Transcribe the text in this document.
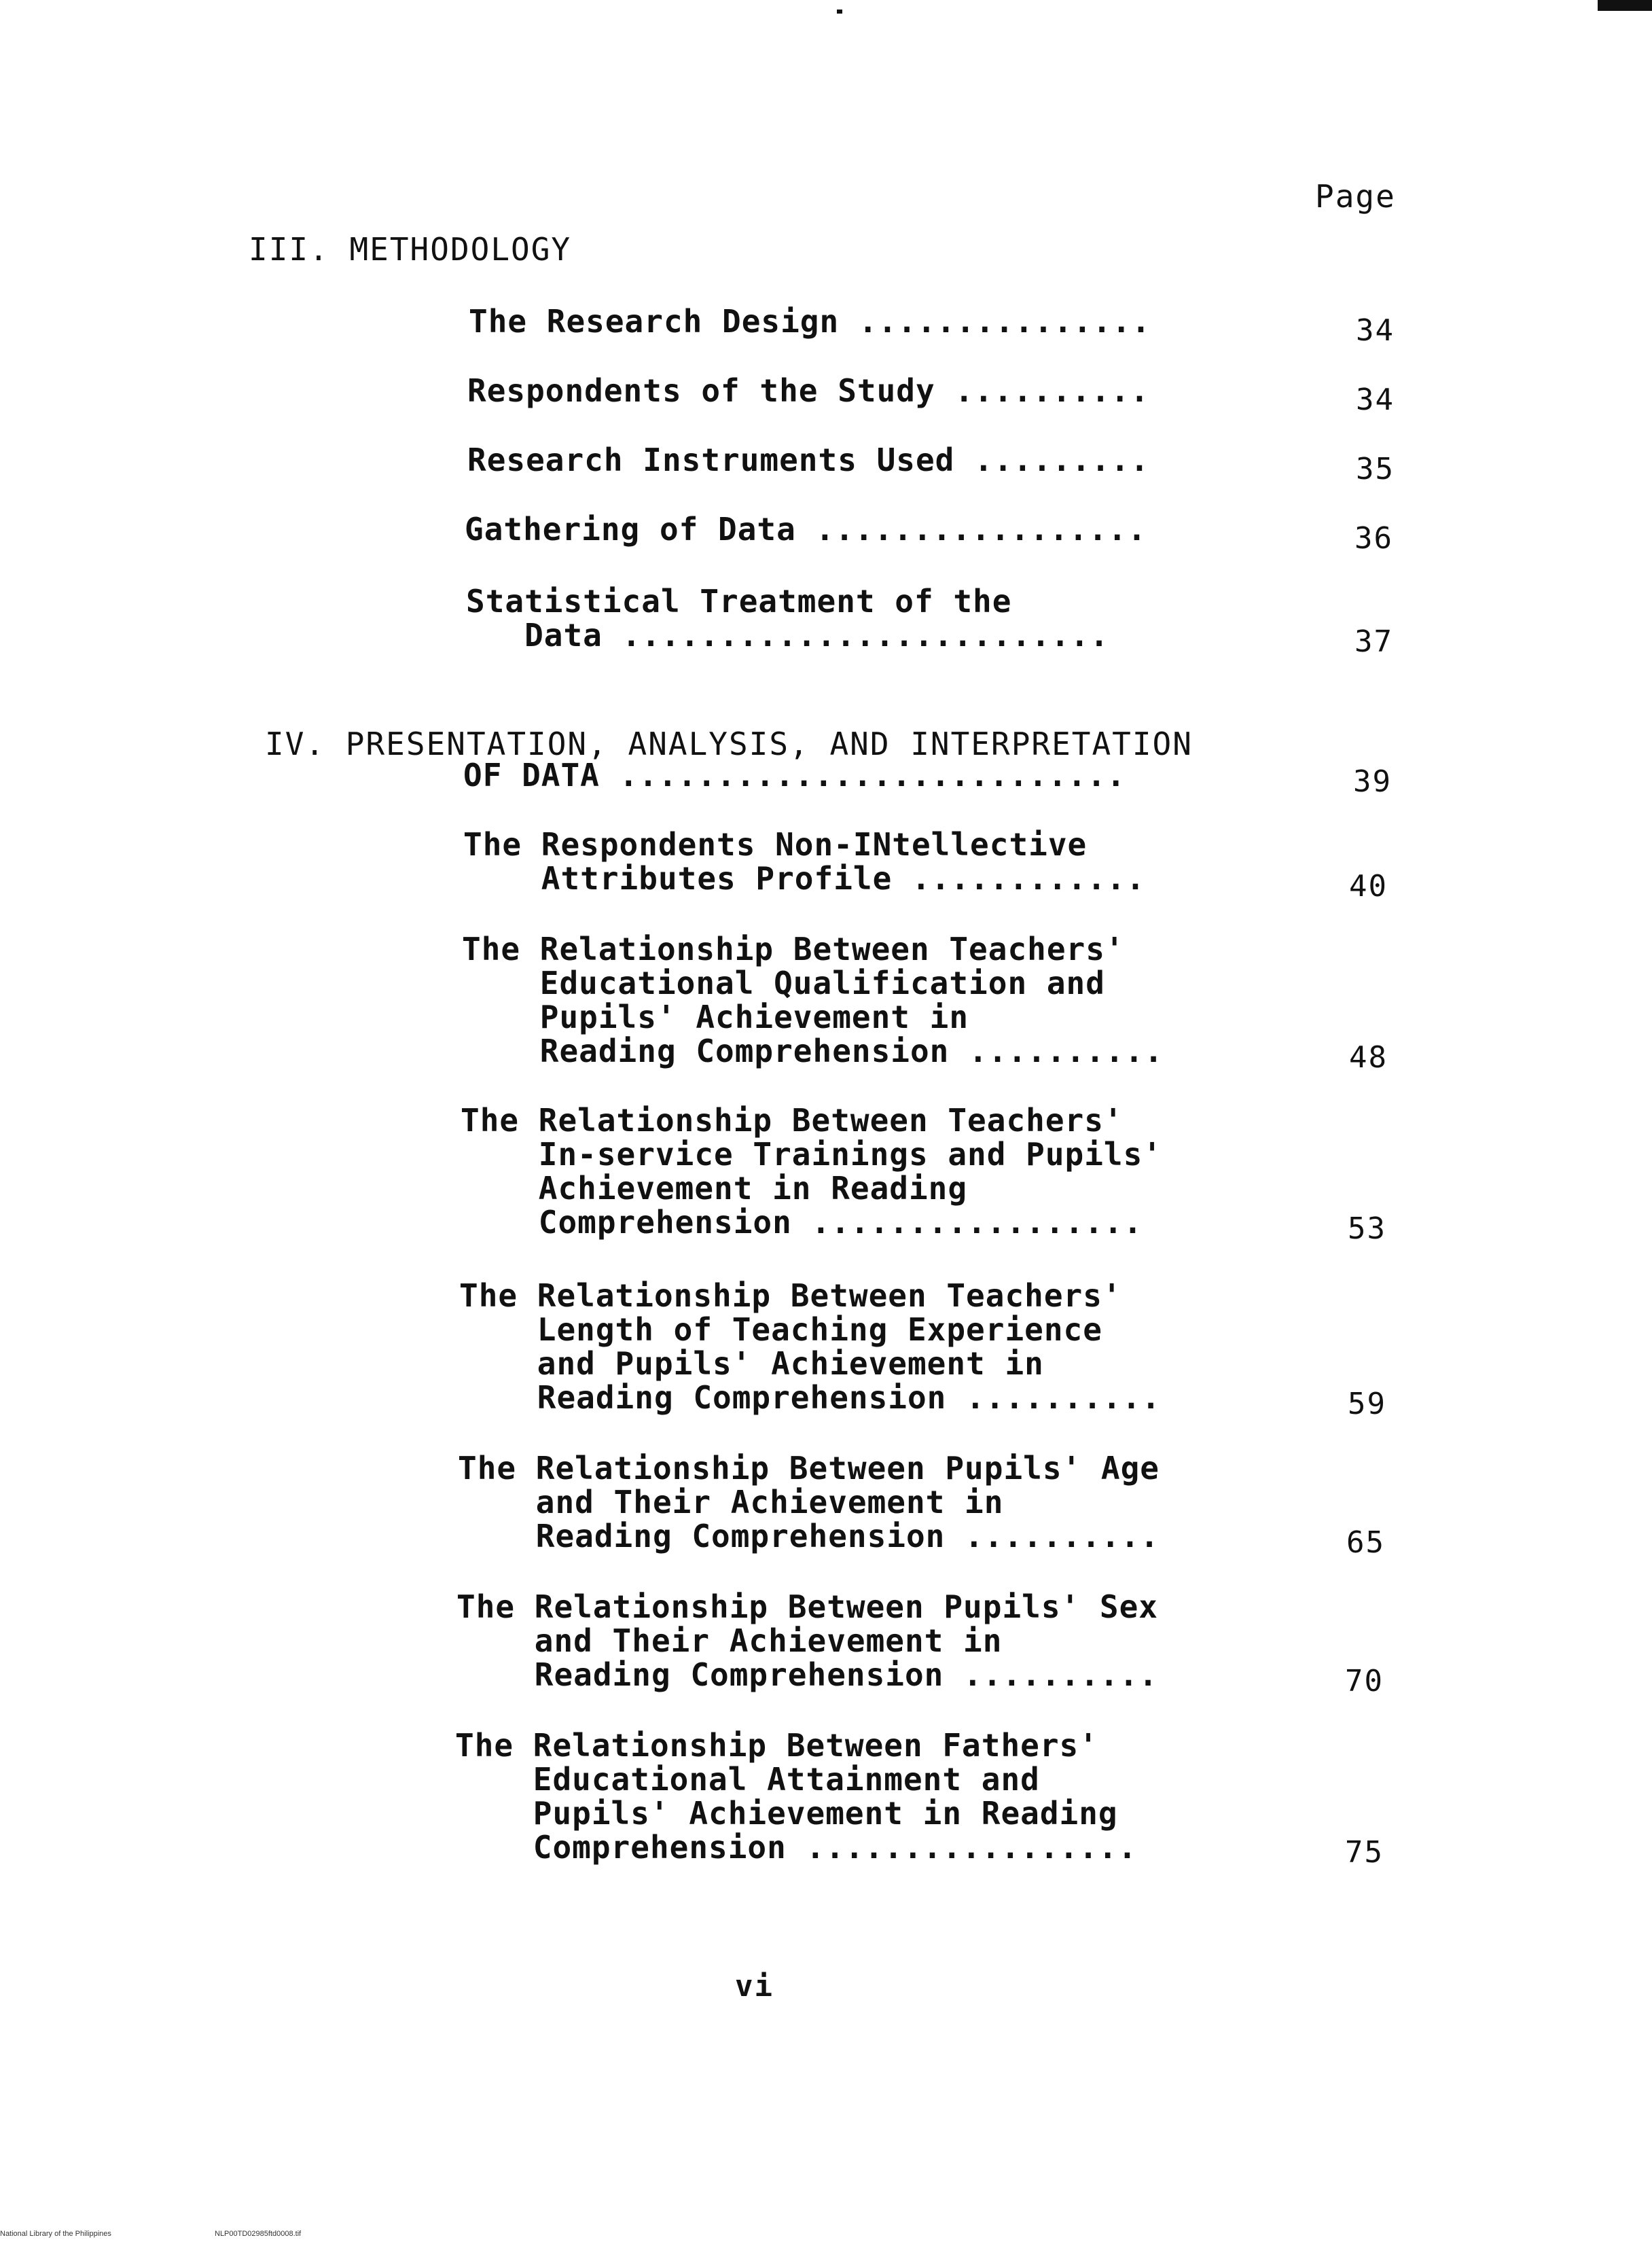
Page
III. METHODOLOGY
The Research Design ...............	34
Respondents of the Study ..........	34
Research Instruments Used .........	35
Gathering of Data .................	36
Statistical Treatment of the
Data .........................	37
IV. PRESENTATION, ANALYSIS, AND INTERPRETATION
OF DATA ..........................	39
The Respondents Non-INtellective
Attributes Profile ............	40
The Relationship Between Teachers'
Educational Qualification and
Pupils' Achievement in
Reading Comprehension ..........	48
The Relationship Between Teachers'
In-service Trainings and Pupils'
Achievement in Reading
Comprehension .................	53
The Relationship Between Teachers'
Length of Teaching Experience
and Pupils' Achievement in
Reading Comprehension ..........	59
The Relationship Between Pupils' Age
and Their Achievement in
Reading Comprehension ..........	65
The Relationship Between Pupils' Sex
and Their Achievement in
Reading Comprehension ..........	70
The Relationship Between Fathers'
Educational Attainment and
Pupils' Achievement in Reading
Comprehension .................	75
vi
National Library of the Philippines	NLP00TD02985ftd0008.tif
